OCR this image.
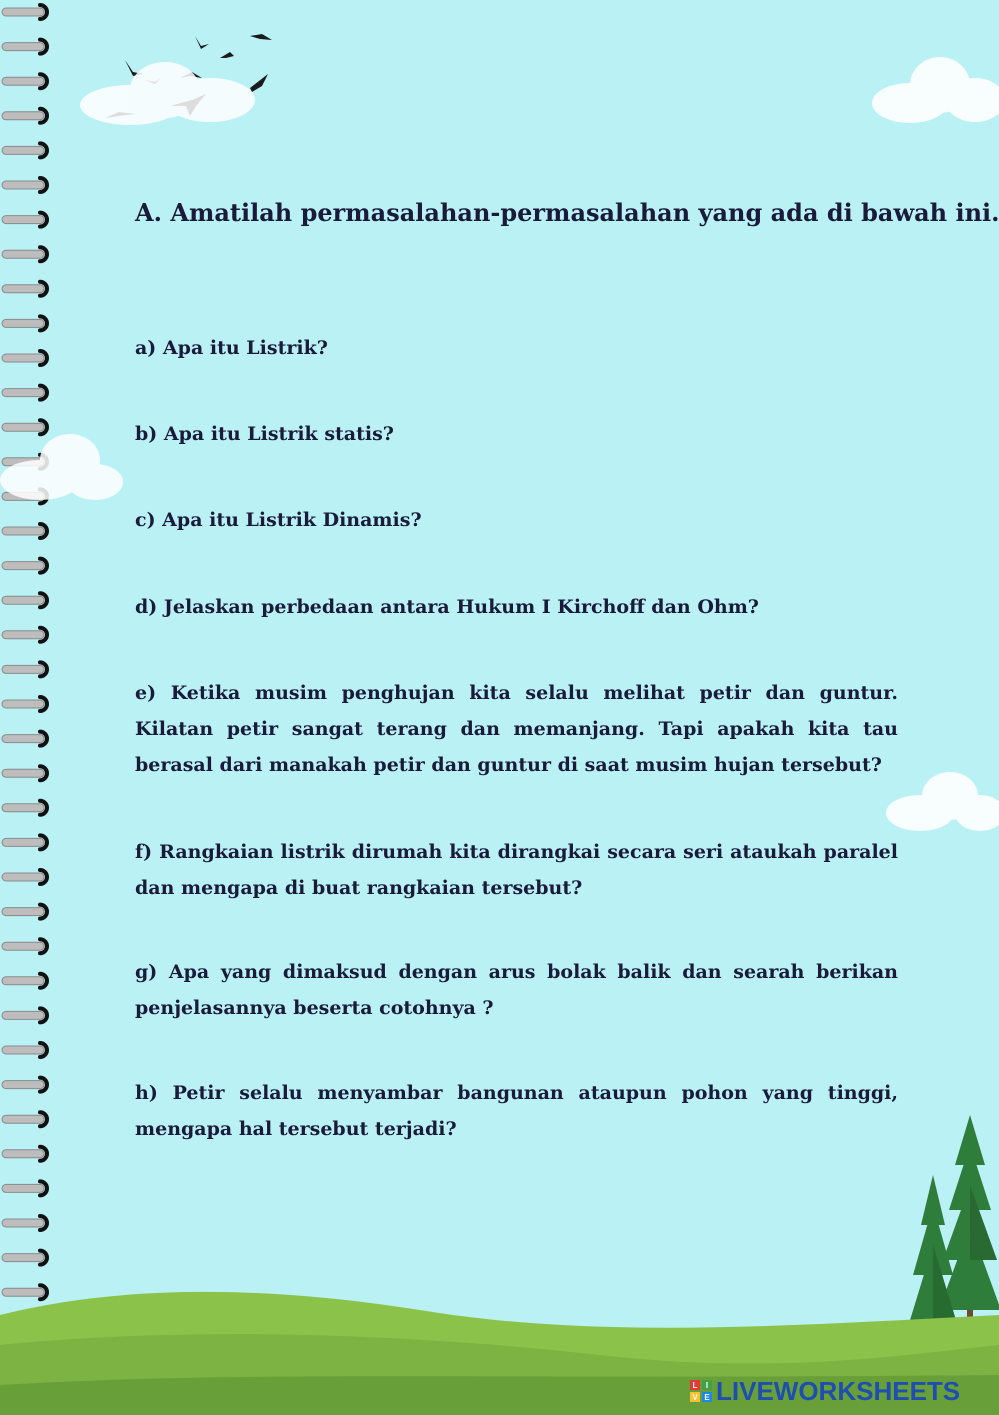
A. Amatilah permasalahan-permasalahan yang ada di bawah ini.
a) Apa itu Listrik?
b) Apa itu Listrik statis?
c) Apa itu Listrik Dinamis?
d) Jelaskan perbedaan antara Hukum I Kirchoff dan Ohm?
e) Ketika musim penghujan kita selalu melihat petir dan guntur. Kilatan petir sangat terang dan memanjang. Tapi apakah kita tau berasal dari manakah petir dan guntur di saat musim hujan tersebut?
f) Rangkaian listrik dirumah kita dirangkai secara seri ataukah paralel dan mengapa di buat rangkaian tersebut?
g) Apa yang dimaksud dengan arus bolak balik dan searah berikan penjelasannya beserta cotohnya ?
h) Petir selalu menyambar bangunan ataupun pohon yang tinggi, mengapa hal tersebut terjadi?
L I
V E LIVEWORKSHEETS
